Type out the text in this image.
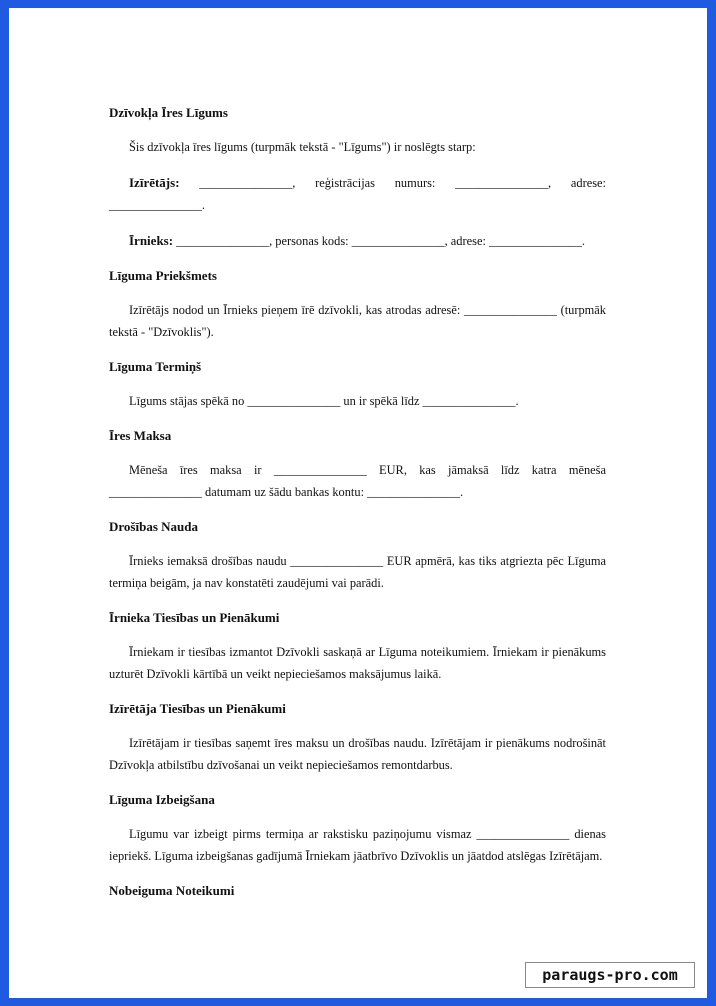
Dzīvokļa Īres Līgums

Šis dzīvokļa īres līgums (turpmāk tekstā - "Līgums") ir noslēgts starp:

Izīrētājs: _______________, reģistrācijas numurs: _______________, adrese: _______________.

Īrnieks: _______________, personas kods: _______________, adrese: _______________.

Līguma Priekšmets

Izīrētājs nodod un Īrnieks pieņem īrē dzīvokli, kas atrodas adresē: _______________ (turpmāk tekstā - "Dzīvoklis").

Līguma Termiņš

Līgums stājas spēkā no _______________ un ir spēkā līdz _______________.

Īres Maksa

Mēneša īres maksa ir _______________ EUR, kas jāmaksā līdz katra mēneša _______________ datumam uz šādu bankas kontu: _______________.

Drošības Nauda

Īrnieks iemaksā drošības naudu _______________ EUR apmērā, kas tiks atgriezta pēc Līguma termiņa beigām, ja nav konstatēti zaudējumi vai parādi.

Īrnieka Tiesības un Pienākumi

Īrniekam ir tiesības izmantot Dzīvokli saskaņā ar Līguma noteikumiem. Īrniekam ir pienākums uzturēt Dzīvokli kārtībā un veikt nepieciešamos maksājumus laikā.

Izīrētāja Tiesības un Pienākumi

Izīrētājam ir tiesības saņemt īres maksu un drošības naudu. Izīrētājam ir pienākums nodrošināt Dzīvokļa atbilstību dzīvošanai un veikt nepieciešamos remontdarbus.

Līguma Izbeigšana

Līgumu var izbeigt pirms termiņa ar rakstisku paziņojumu vismaz _______________ dienas iepriekš. Līguma izbeigšanas gadījumā Īrniekam jāatbrīvo Dzīvoklis un jāatdod atslēgas Izīrētājam.

Nobeiguma Noteikumi
paraugs-pro.com
